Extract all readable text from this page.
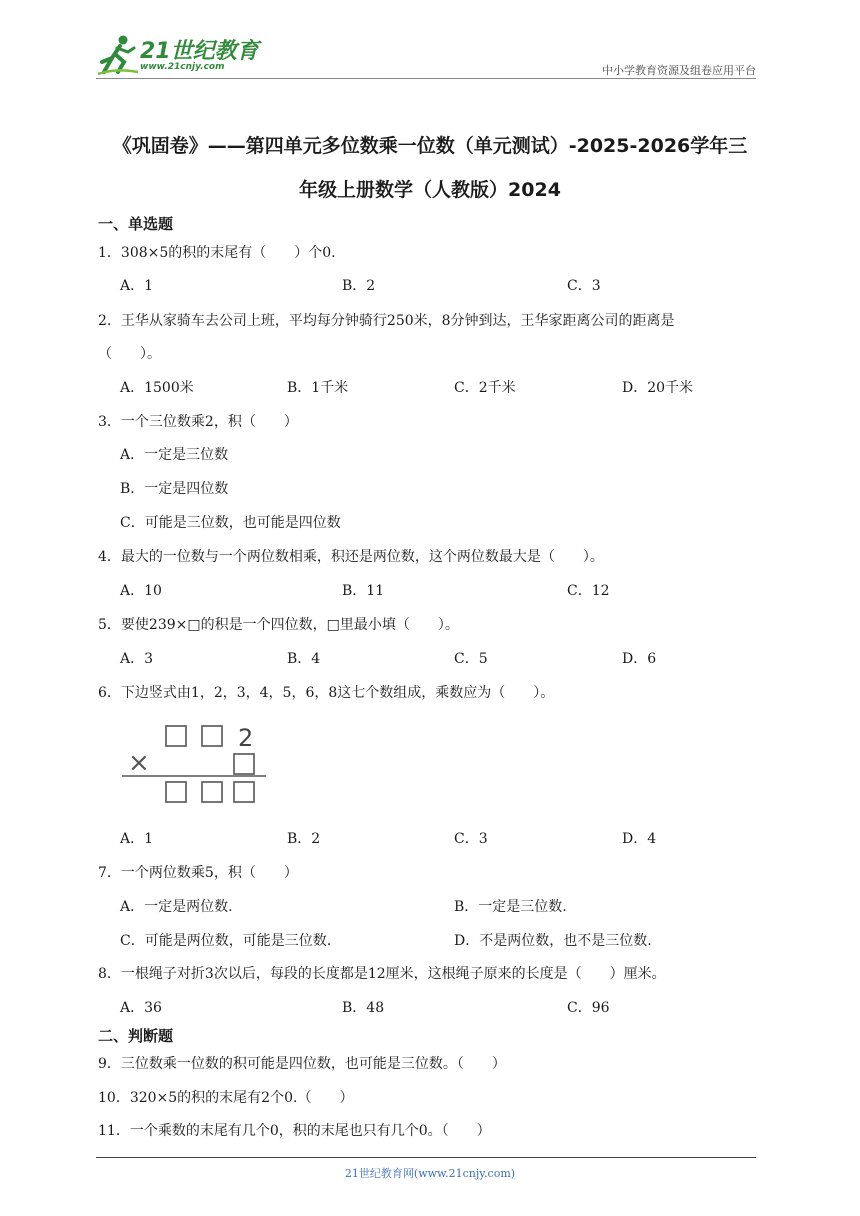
21世纪教育
www.21cnjy.com	中小学教育资源及组卷应用平台
《巩固卷》——第四单元多位数乘一位数（单元测试）-2025-2026学年三
年级上册数学（人教版）2024
一、单选题
1．308×5的积的末尾有（　　）个0.
A．1	B．2	C．3
2．王华从家骑车去公司上班，平均每分钟骑行250米，8分钟到达，王华家距离公司的距离是
（　　）。
A．1500米	B．1千米	C．2千米	D．20千米
3．一个三位数乘2，积（　　）
A．一定是三位数
B．一定是四位数
C．可能是三位数，也可能是四位数
4．最大的一位数与一个两位数相乘，积还是两位数，这个两位数最大是（　　）。
A．10	B．11	C．12
5．要使239×□的积是一个四位数，□里最小填（　　）。
A．3	B．4	C．5	D．6
6．下边竖式由1，2，3，4，5，6，8这七个数组成，乘数应为（　　）。
2
×
A．1	B．2	C．3	D．4
7．一个两位数乘5，积（　　）
A．一定是两位数.	B．一定是三位数.
C．可能是两位数，可能是三位数.	D．不是两位数，也不是三位数.
8．一根绳子对折3次以后，每段的长度都是12厘米，这根绳子原来的长度是（　　）厘米。
A．36	B．48	C．96
二、判断题
9．三位数乘一位数的积可能是四位数，也可能是三位数。（　　）
10．320×5的积的末尾有2个0.（　　）
11．一个乘数的末尾有几个0，积的末尾也只有几个0。（　　）
21世纪教育网(www.21cnjy.com)
